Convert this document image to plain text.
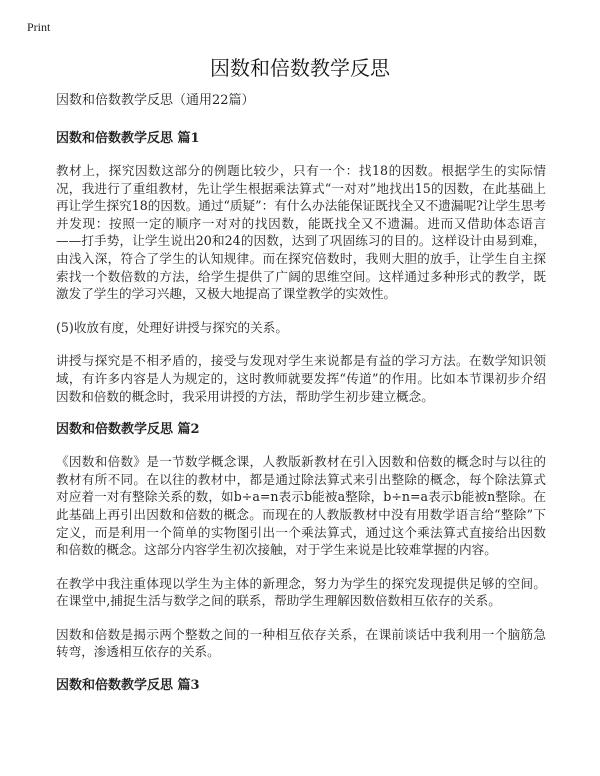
Print
因数和倍数教学反思

因数和倍数教学反思（通用22篇）

因数和倍数教学反思 篇1

教材上，探究因数这部分的例题比较少，只有一个：找18的因数。根据学生的实际情况，我进行了重组教材，先让学生根据乘法算式“一对对”地找出15的因数，在此基础上再让学生探究18的因数。通过“质疑”：有什么办法能保证既找全又不遗漏呢?让学生思考并发现：按照一定的顺序一对对的找因数，能既找全又不遗漏。进而又借助体态语言——打手势，让学生说出20和24的因数，达到了巩固练习的目的。这样设计由易到难，由浅入深，符合了学生的认知规律。而在探究倍数时，我则大胆的放手，让学生自主探索找一个数倍数的方法，给学生提供了广阔的思维空间。这样通过多种形式的教学，既激发了学生的学习兴趣，又极大地提高了课堂教学的实效性。

(5)收放有度，处理好讲授与探究的关系。

讲授与探究是不相矛盾的，接受与发现对学生来说都是有益的学习方法。在数学知识领域，有许多内容是人为规定的，这时教师就要发挥“传道”的作用。比如本节课初步介绍因数和倍数的概念时，我采用讲授的方法，帮助学生初步建立概念。

因数和倍数教学反思 篇2

《因数和倍数》是一节数学概念课，人教版新教材在引入因数和倍数的概念时与以往的教材有所不同。在以往的教材中，都是通过除法算式来引出整除的概念，每个除法算式对应着一对有整除关系的数，如b÷a=n表示b能被a整除，b÷n=a表示b能被n整除。在此基础上再引出因数和倍数的概念。而现在的人教版教材中没有用数学语言给“整除”下定义，而是利用一个简单的实物图引出一个乘法算式，通过这个乘法算式直接给出因数和倍数的概念。这部分内容学生初次接触，对于学生来说是比较难掌握的内容。

在教学中我注重体现以学生为主体的新理念，努力为学生的探究发现提供足够的空间。在课堂中,捕捉生活与数学之间的联系，帮助学生理解因数倍数相互依存的关系。

因数和倍数是揭示两个整数之间的一种相互依存关系，在课前谈话中我利用一个脑筋急转弯，渗透相互依存的关系。

因数和倍数教学反思 篇3
